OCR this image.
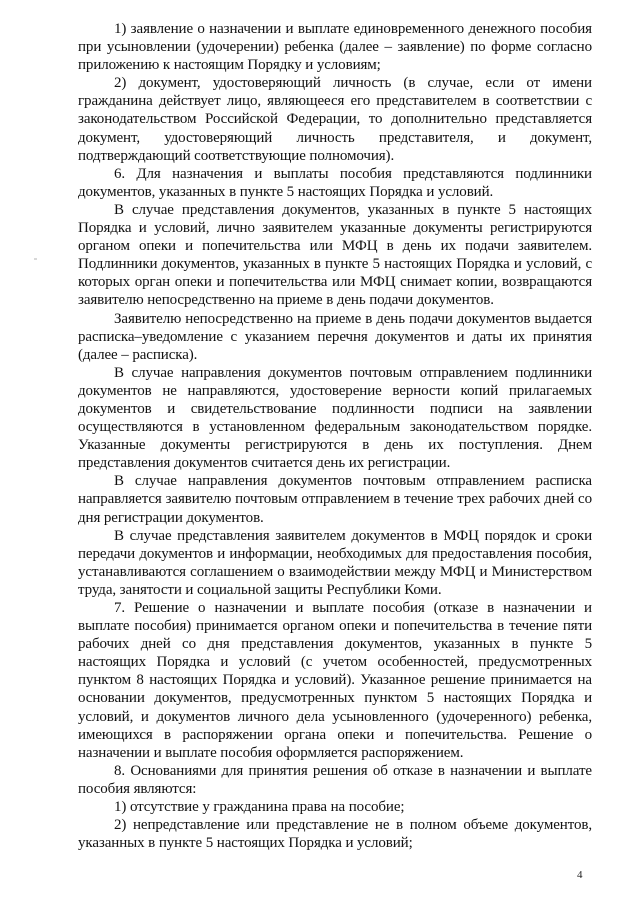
1) заявление о назначении и выплате единовременного денежного пособия при усыновлении (удочерении) ребенка (далее – заявление) по форме согласно приложению к настоящим Порядку и условиям;

2) документ, удостоверяющий личность (в случае, если от имени гражданина действует лицо, являющееся его представителем в соответствии с законодательством Российской Федерации, то дополнительно представляется документ, удостоверяющий личность представителя, и документ, подтверждающий соответствующие полномочия).

6. Для назначения и выплаты пособия представляются подлинники документов, указанных в пункте 5 настоящих Порядка и условий.

В случае представления документов, указанных в пункте 5 настоящих Порядка и условий, лично заявителем указанные документы регистрируются органом опеки и попечительства или МФЦ в день их подачи заявителем. Подлинники документов, указанных в пункте 5 настоящих Порядка и условий, с которых орган опеки и попечительства или МФЦ снимает копии, возвращаются заявителю непосредственно на приеме в день подачи документов.

Заявителю непосредственно на приеме в день подачи документов выдается расписка–уведомление с указанием перечня документов и даты их принятия (далее – расписка).

В случае направления документов почтовым отправлением подлинники документов не направляются, удостоверение верности копий прилагаемых документов и свидетельствование подлинности подписи на заявлении осуществляются в установленном федеральным законодательством порядке. Указанные документы регистрируются в день их поступления. Днем представления документов считается день их регистрации.

В случае направления документов почтовым отправлением расписка направляется заявителю почтовым отправлением в течение трех рабочих дней со дня регистрации документов.

В случае представления заявителем документов в МФЦ порядок и сроки передачи документов и информации, необходимых для предоставления пособия, устанавливаются соглашением о взаимодействии между МФЦ и Министерством труда, занятости и социальной защиты Республики Коми.

7. Решение о назначении и выплате пособия (отказе в назначении и выплате пособия) принимается органом опеки и попечительства в течение пяти рабочих дней со дня представления документов, указанных в пункте 5 настоящих Порядка и условий (с учетом особенностей, предусмотренных пунктом 8 настоящих Порядка и условий). Указанное решение принимается на основании документов, предусмотренных пунктом 5 настоящих Порядка и условий, и документов личного дела усыновленного (удочеренного) ребенка, имеющихся в распоряжении органа опеки и попечительства. Решение о назначении и выплате пособия оформляется распоряжением.

8. Основаниями для принятия решения об отказе в назначении и выплате пособия являются:

1) отсутствие у гражданина права на пособие;

2) непредставление или представление не в полном объеме документов, указанных в пункте 5 настоящих Порядка и условий;

4
